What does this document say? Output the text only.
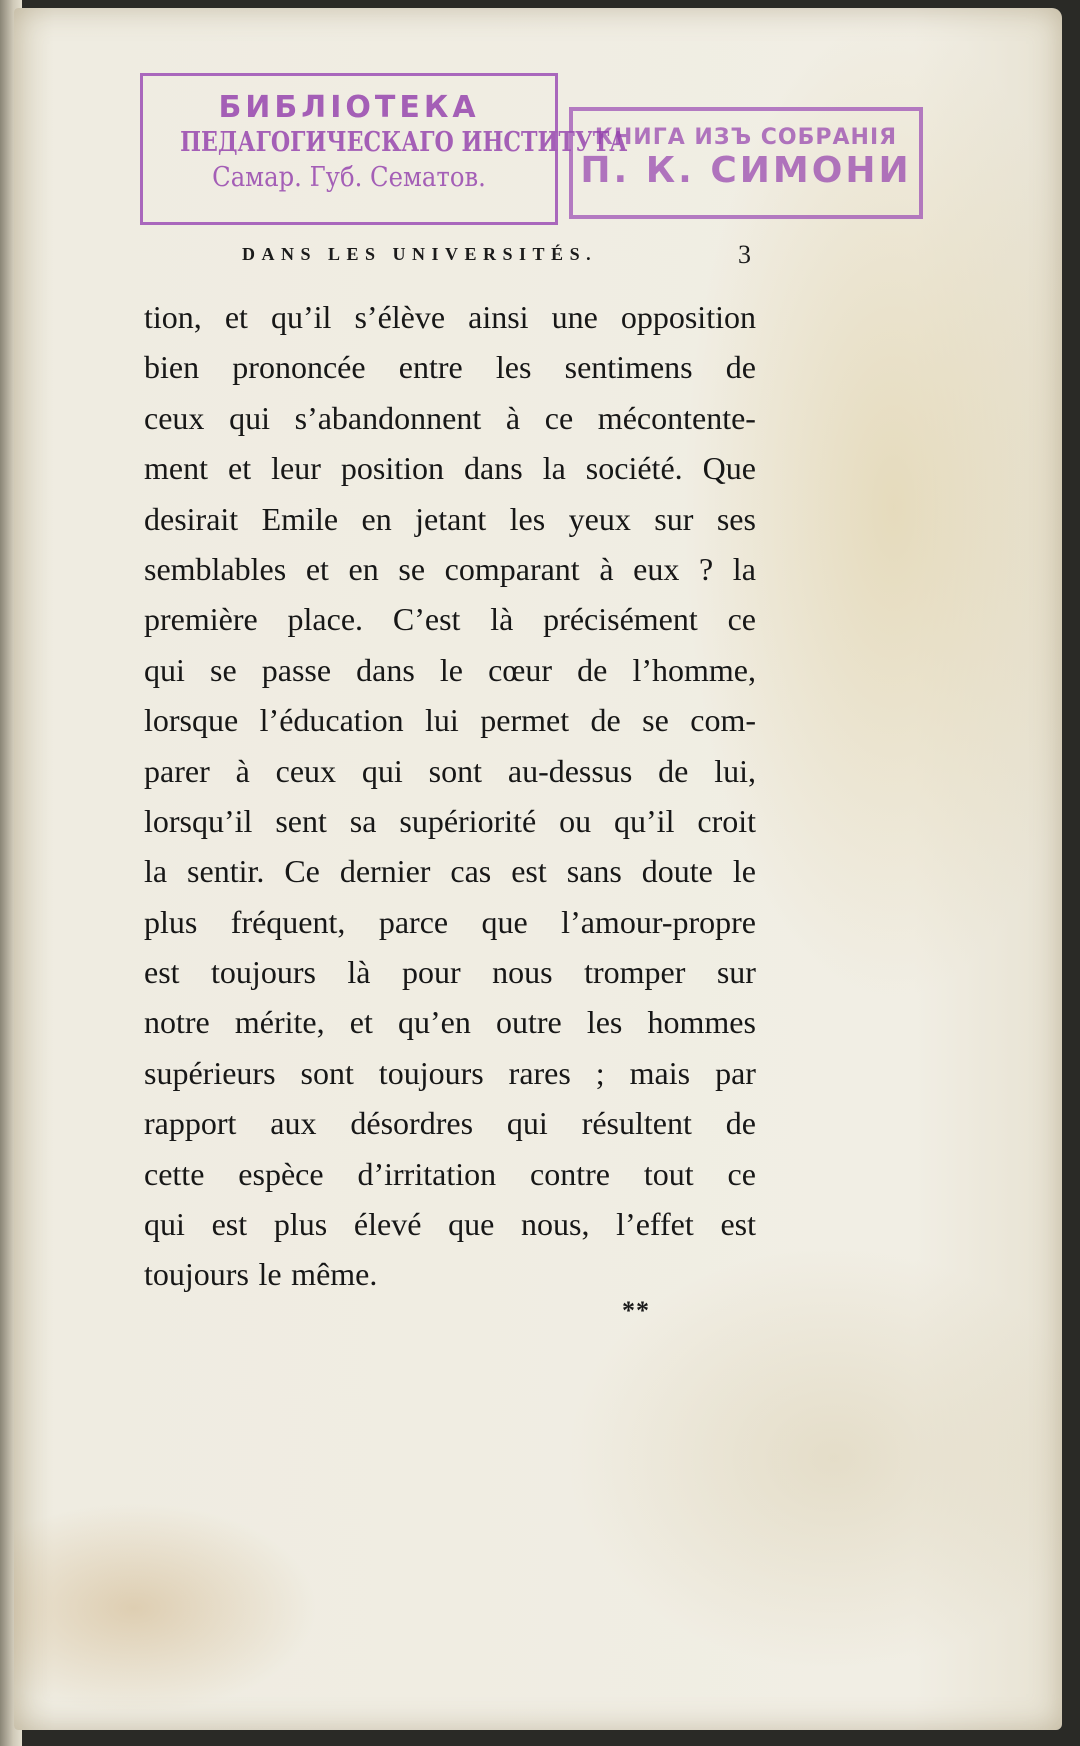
БИБЛIОТЕКА
ПЕДАГОГИЧЕСКАГО ИНСТИТУТА
Самар. Губ. Сематов.
КНИГА ИЗЪ СОБРАНIЯ
П. К. СИМОНИ
DANS LES UNIVERSITÉS.	3
tion, et qu’il s’élève ainsi une opposition
bien prononcée entre les sentimens de
ceux qui s’abandonnent à ce mécontente-
ment et leur position dans la société. Que
desirait Emile en jetant les yeux sur ses
semblables et en se comparant à eux ? la
première place. C’est là précisément ce
qui se passe dans le cœur de l’homme,
lorsque l’éducation lui permet de se com-
parer à ceux qui sont au-dessus de lui,
lorsqu’il sent sa supériorité ou qu’il croit
la sentir. Ce dernier cas est sans doute le
plus fréquent, parce que l’amour-propre
est toujours là pour nous tromper sur
notre mérite, et qu’en outre les hommes
supérieurs sont toujours rares ; mais par
rapport aux désordres qui résultent de
cette espèce d’irritation contre tout ce
qui est plus élevé que nous, l’effet est
toujours le même.
**
